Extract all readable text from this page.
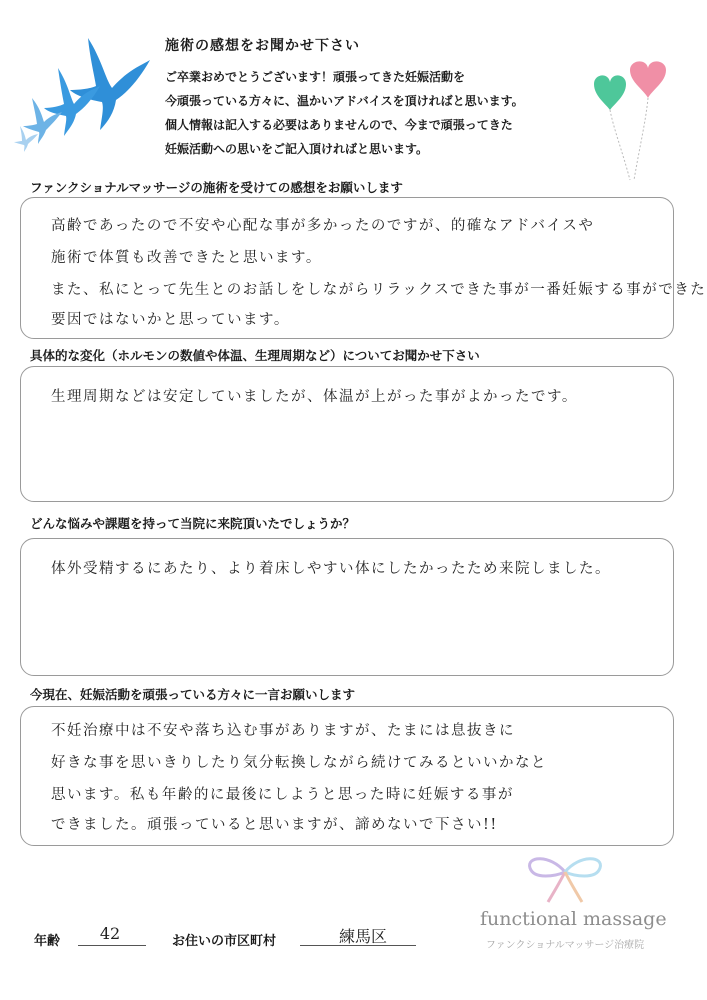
施術の感想をお聞かせ下さい
ご卒業おめでとうございます！頑張ってきた妊娠活動を
今頑張っている方々に、温かいアドバイスを頂ければと思います。
個人情報は記入する必要はありませんので、今まで頑張ってきた
妊娠活動への思いをご記入頂ければと思います。
ファンクショナルマッサージの施術を受けての感想をお願いします
高齢であったので不安や心配な事が多かったのですが、的確なアドバイスや
施術で体質も改善できたと思います。
また、私にとって先生とのお話しをしながらリラックスできた事が一番妊娠する事ができた
要因ではないかと思っています。
具体的な変化（ホルモンの数値や体温、生理周期など）についてお聞かせ下さい
生理周期などは安定していましたが、体温が上がった事がよかったです。
どんな悩みや課題を持って当院に来院頂いたでしょうか？
体外受精するにあたり、より着床しやすい体にしたかったため来院しました。
今現在、妊娠活動を頑張っている方々に一言お願いします
不妊治療中は不安や落ち込む事がありますが、たまには息抜きに
好きな事を思いきりしたり気分転換しながら続けてみるといいかなと
思います。私も年齢的に最後にしようと思った時に妊娠する事が
できました。頑張っていると思いますが、諦めないで下さい!!
年齢	42	お住いの市区町村	練馬区
functional massage
ファンクショナルマッサージ治療院
